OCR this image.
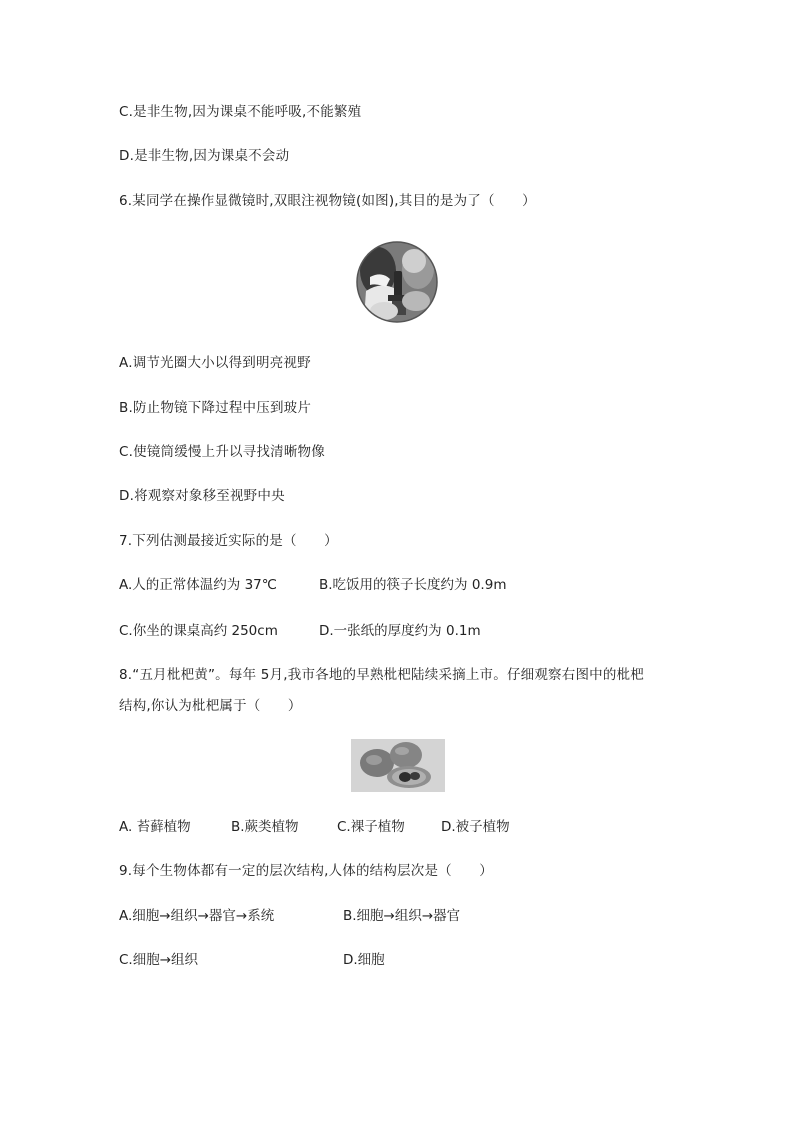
C.是非生物,因为课桌不能呼吸,不能繁殖
D.是非生物,因为课桌不会动
6.某同学在操作显微镜时,双眼注视物镜(如图),其目的是为了（　　）
A.调节光圈大小以得到明亮视野
B.防止物镜下降过程中压到玻片
C.使镜筒缓慢上升以寻找清晰物像
D.将观察对象移至视野中央
7.下列估测最接近实际的是（　　）
A.人的正常体温约为 37℃	B.吃饭用的筷子长度约为 0.9m
C.你坐的课桌高约 250cm	D.一张纸的厚度约为 0.1m
8.“五月枇杷黄”。每年 5月,我市各地的早熟枇杷陆续采摘上市。仔细观察右图中的枇杷
结构,你认为枇杷属于（　　）
A. 苔藓植物	B.蕨类植物	C.裸子植物	D.被子植物
9.每个生物体都有一定的层次结构,人体的结构层次是（　　）
A.细胞→组织→器官→系统	B.细胞→组织→器官
C.细胞→组织	D.细胞
